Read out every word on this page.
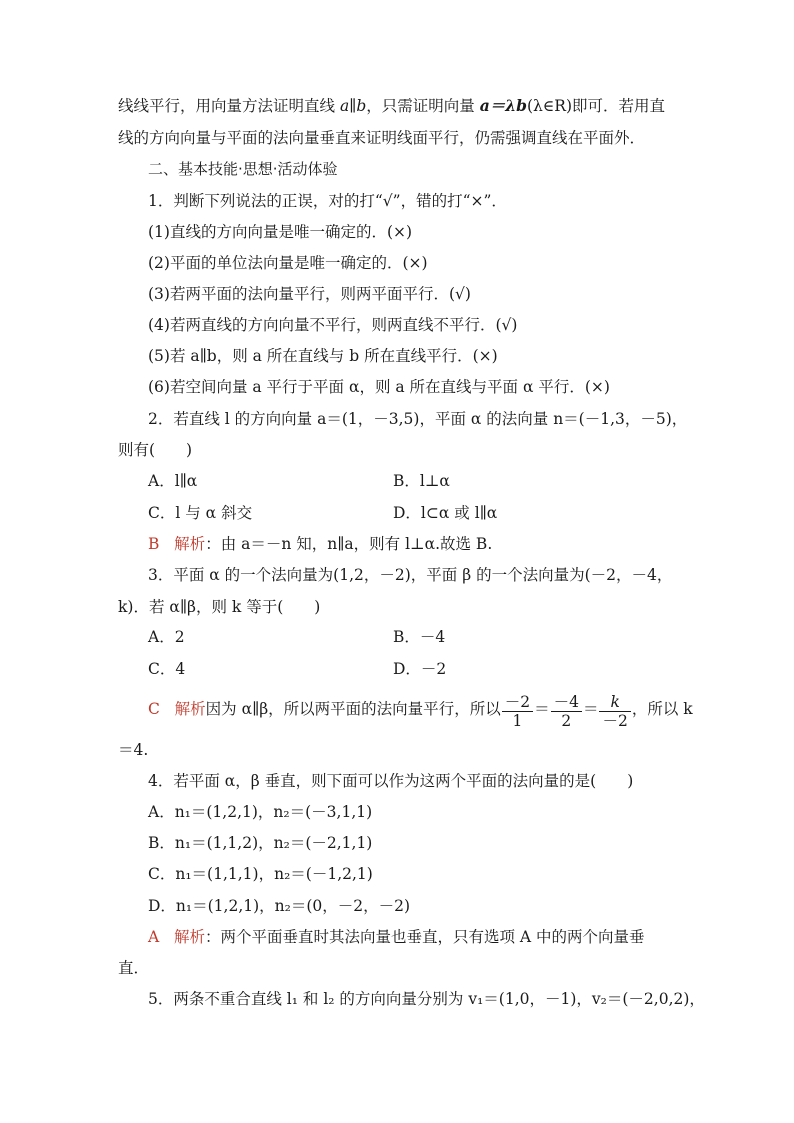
线线平行，用向量方法证明直线 a∥b，只需证明向量 a＝λb(λ∈R)即可．若用直
线的方向向量与平面的法向量垂直来证明线面平行，仍需强调直线在平面外．
二、基本技能·思想·活动体验
1．判断下列说法的正误，对的打“√”，错的打“×”．
(1)直线的方向向量是唯一确定的．(×)
(2)平面的单位法向量是唯一确定的．(×)
(3)若两平面的法向量平行，则两平面平行．(√)
(4)若两直线的方向向量不平行，则两直线不平行．(√)
(5)若 a∥b，则 a 所在直线与 b 所在直线平行．(×)
(6)若空间向量 a 平行于平面 α，则 a 所在直线与平面 α 平行．(×)
2．若直线 l 的方向向量 a＝(1，－3,5)，平面 α 的法向量 n＝(－1,3，－5)，
则有(　　)
A．l∥α	B．l⊥α
C．l 与 α 斜交	D．l⊂α 或 l∥α
B 解析：由 a＝－n 知，n∥a，则有 l⊥α.故选 B.
3．平面 α 的一个法向量为(1,2，－2)，平面 β 的一个法向量为(－2，－4，
k)．若 α∥β，则 k 等于(　　)
A．2	B．－4
C．4	D．－2
C 解析因为 α∥β，所以两平面的法向量平行，所以 $\frac{-2}{1} = \frac{-4}{2} = \frac{k}{-2}$ ，所以 k
＝4.
4．若平面 α，β 垂直，则下面可以作为这两个平面的法向量的是(　　)
A．n₁＝(1,2,1)，n₂＝(－3,1,1)
B．n₁＝(1,1,2)，n₂＝(－2,1,1)
C．n₁＝(1,1,1)，n₂＝(－1,2,1)
D．n₁＝(1,2,1)，n₂＝(0，－2，－2)
A 解析：两个平面垂直时其法向量也垂直，只有选项 A 中的两个向量垂
直．
5．两条不重合直线 l₁ 和 l₂ 的方向向量分别为 v₁＝(1,0，－1)，v₂＝(－2,0,2)，
